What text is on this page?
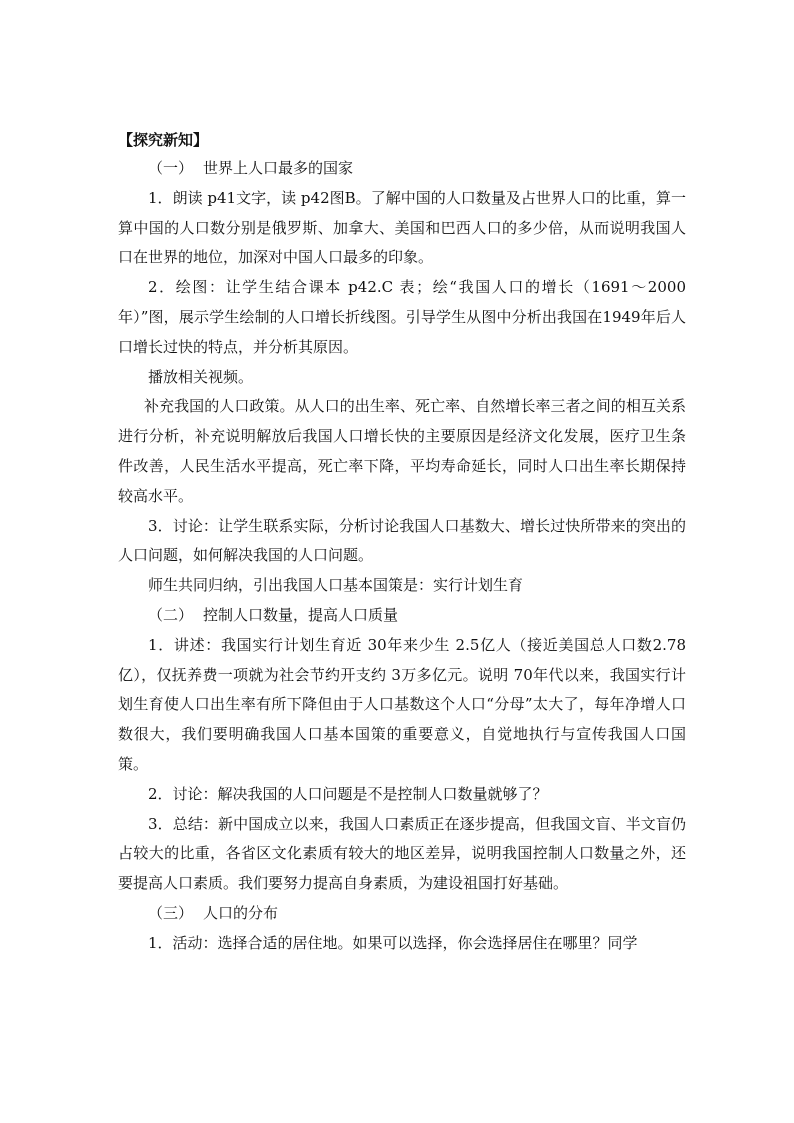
【探究新知】
（一） 世界上人口最多的国家

1．朗读 p41文字，读 p42图B。了解中国的人口数量及占世界人口的比重，算一算中国的人口数分别是俄罗斯、加拿大、美国和巴西人口的多少倍，从而说明我国人口在世界的地位，加深对中国人口最多的印象。

2．绘图：让学生结合课本 p42.C 表；绘“我国人口的增长（1691～2000年）”图，展示学生绘制的人口增长折线图。引导学生从图中分析出我国在1949年后人口增长过快的特点，并分析其原因。

播放相关视频。

补充我国的人口政策。从人口的出生率、死亡率、自然增长率三者之间的相互关系进行分析，补充说明解放后我国人口增长快的主要原因是经济文化发展，医疗卫生条件改善，人民生活水平提高，死亡率下降，平均寿命延长，同时人口出生率长期保持较高水平。

3．讨论：让学生联系实际，分析讨论我国人口基数大、增长过快所带来的突出的人口问题，如何解决我国的人口问题。

师生共同归纳，引出我国人口基本国策是：实行计划生育

（二） 控制人口数量，提高人口质量

1．讲述：我国实行计划生育近 30年来少生 2.5亿人（接近美国总人口数2.78亿），仅抚养费一项就为社会节约开支约 3万多亿元。说明 70年代以来，我国实行计划生育使人口出生率有所下降但由于人口基数这个人口“分母”太大了，每年净增人口数很大，我们要明确我国人口基本国策的重要意义，自觉地执行与宣传我国人口国策。

2．讨论：解决我国的人口问题是不是控制人口数量就够了？

3．总结：新中国成立以来，我国人口素质正在逐步提高，但我国文盲、半文盲仍占较大的比重，各省区文化素质有较大的地区差异，说明我国控制人口数量之外，还要提高人口素质。我们要努力提高自身素质，为建设祖国打好基础。

（三） 人口的分布

1．活动：选择合适的居住地。如果可以选择，你会选择居住在哪里？同学
